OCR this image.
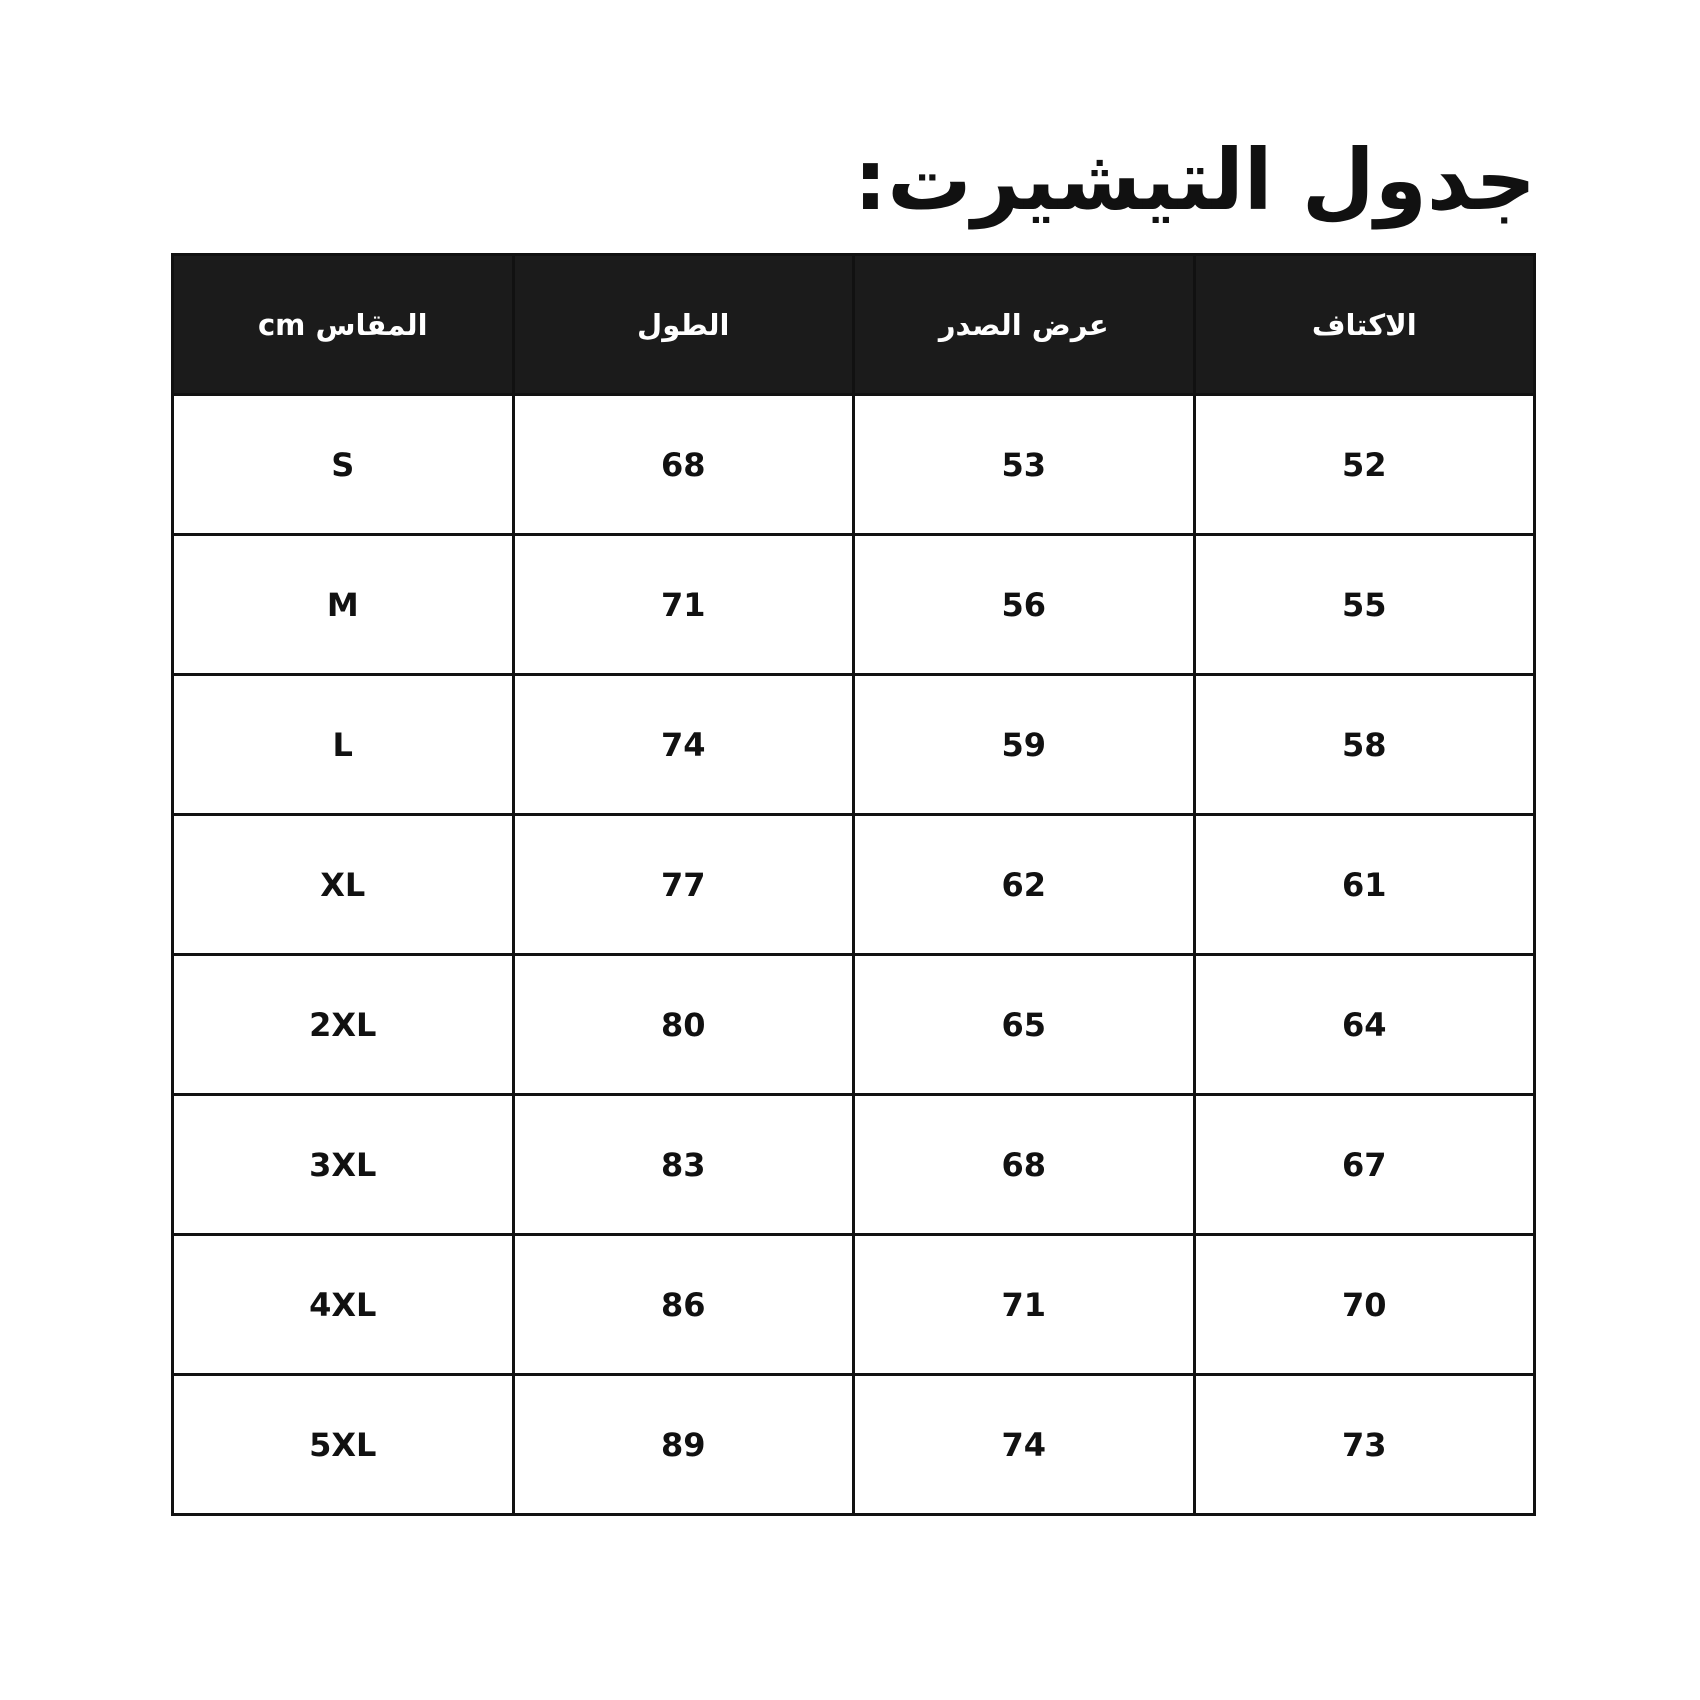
جدول التيشيرت:
المقاس cm	الطول	عرض الصدر	الاكتاف
S	68	53	52
M	71	56	55
L	74	59	58
XL	77	62	61
2XL	80	65	64
3XL	83	68	67
4XL	86	71	70
5XL	89	74	73
